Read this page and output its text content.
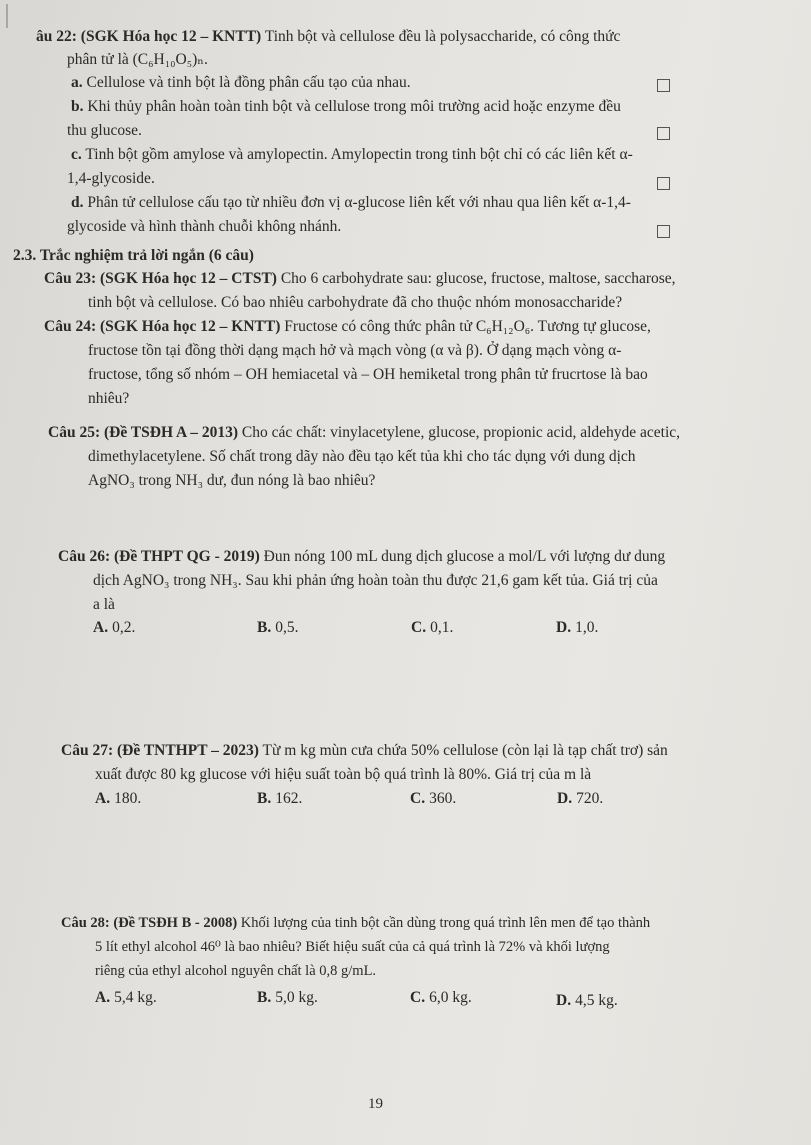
âu 22: (SGK Hóa học 12 – KNTT) Tinh bột và cellulose đều là polysaccharide, có công thức
phân tử là (C₆H₁₀O₅)ₙ.
a. Cellulose và tinh bột là đồng phân cấu tạo của nhau.
b. Khi thủy phân hoàn toàn tinh bột và cellulose trong môi trường acid hoặc enzyme đều
thu glucose.
c. Tinh bột gồm amylose và amylopectin. Amylopectin trong tinh bột chỉ có các liên kết α-
1,4-glycoside.
d. Phân tử cellulose cấu tạo từ nhiều đơn vị α-glucose liên kết với nhau qua liên kết α-1,4-
glycoside và hình thành chuỗi không nhánh.
2.3. Trắc nghiệm trả lời ngắn (6 câu)
Câu 23: (SGK Hóa học 12 – CTST) Cho 6 carbohydrate sau: glucose, fructose, maltose, saccharose,
tinh bột và cellulose. Có bao nhiêu carbohydrate đã cho thuộc nhóm monosaccharide?
Câu 24: (SGK Hóa học 12 – KNTT) Fructose có công thức phân tử C₆H₁₂O₆. Tương tự glucose,
fructose tồn tại đồng thời dạng mạch hở và mạch vòng (α và β). Ở dạng mạch vòng α-
fructose, tổng số nhóm – OH hemiacetal và – OH hemiketal trong phân tử frucrtose là bao
nhiêu?
Câu 25: (Đề TSĐH A – 2013) Cho các chất: vinylacetylene, glucose, propionic acid, aldehyde acetic,
dimethylacetylene. Số chất trong dãy nào đều tạo kết tủa khi cho tác dụng với dung dịch
AgNO₃ trong NH₃ dư, đun nóng là bao nhiêu?
Câu 26: (Đề THPT QG - 2019) Đun nóng 100 mL dung dịch glucose a mol/L với lượng dư dung
dịch AgNO₃ trong NH₃. Sau khi phản ứng hoàn toàn thu được 21,6 gam kết tủa. Giá trị của
a là
A. 0,2.	B. 0,5.	C. 0,1.	D. 1,0.
Câu 27: (Đề TNTHPT – 2023) Từ m kg mùn cưa chứa 50% cellulose (còn lại là tạp chất trơ) sản
xuất được 80 kg glucose với hiệu suất toàn bộ quá trình là 80%. Giá trị của m là
A. 180.	B. 162.	C. 360.	D. 720.
Câu 28: (Đề TSĐH B - 2008) Khối lượng của tinh bột cần dùng trong quá trình lên men để tạo thành
5 lít ethyl alcohol 46⁰ là bao nhiêu? Biết hiệu suất của cả quá trình là 72% và khối lượng
riêng của ethyl alcohol nguyên chất là 0,8 g/mL.
A. 5,4 kg.	B. 5,0 kg.	C. 6,0 kg.	D. 4,5 kg.
19
